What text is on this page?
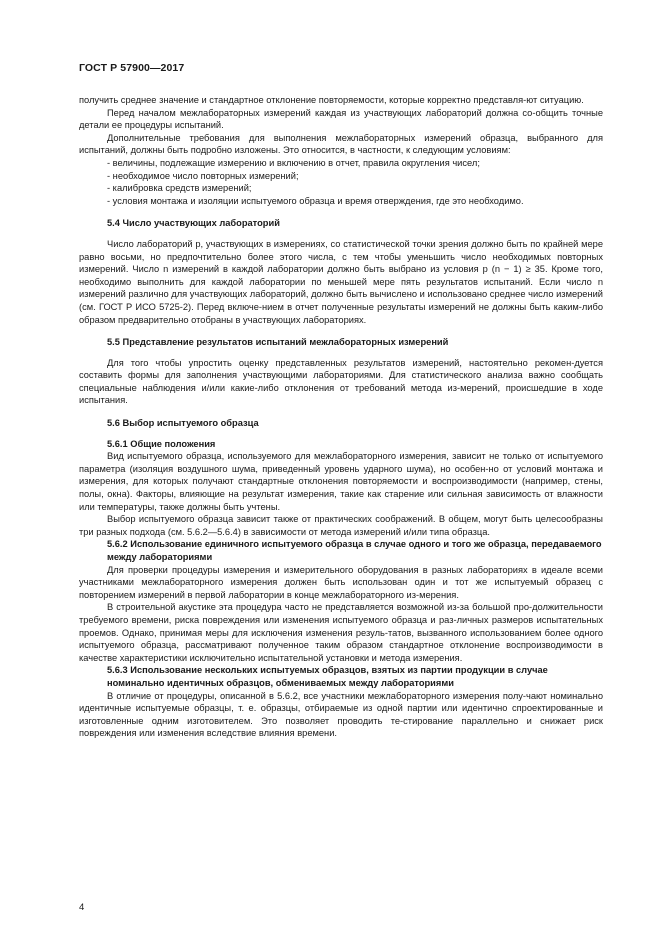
ГОСТ Р 57900—2017

получить среднее значение и стандартное отклонение повторяемости, которые корректно представля-ют ситуацию.

Перед началом межлабораторных измерений каждая из участвующих лабораторий должна со-общить точные детали ее процедуры испытаний.

Дополнительные требования для выполнения межлабораторных измерений образца, выбранного для испытаний, должны быть подробно изложены. Это относится, в частности, к следующим условиям:

- величины, подлежащие измерению и включению в отчет, правила округления чисел;

- необходимое число повторных измерений;

- калибровка средств измерений;

- условия монтажа и изоляции испытуемого образца и время отверждения, где это необходимо.

5.4 Число участвующих лабораторий

Число лабораторий p, участвующих в измерениях, со статистической точки зрения должно быть по крайней мере равно восьми, но предпочтительно более этого числа, с тем чтобы уменьшить число необходимых повторных измерений. Число n измерений в каждой лаборатории должно быть выбрано из условия p (n − 1) ≥ 35. Кроме того, необходимо выполнить для каждой лаборатории по меньшей мере пять результатов испытаний. Если число n измерений различно для участвующих лабораторий, должно быть вычислено и использовано среднее число измерений (см. ГОСТ Р ИСО 5725-2). Перед включе-нием в отчет полученные результаты измерений не должны быть каким-либо образом предварительно отобраны в участвующих лабораториях.

5.5 Представление результатов испытаний межлабораторных измерений

Для того чтобы упростить оценку представленных результатов измерений, настоятельно рекомен-дуется составить формы для заполнения участвующими лабораториями. Для статистического анализа важно сообщать специальные наблюдения и/или какие-либо отклонения от требований метода из-мерений, происшедшие в ходе испытания.

5.6 Выбор испытуемого образца

5.6.1 Общие положения

Вид испытуемого образца, используемого для межлабораторного измерения, зависит не только от испытуемого параметра (изоляция воздушного шума, приведенный уровень ударного шума), но особен-но от условий монтажа и измерения, для которых получают стандартные отклонения повторяемости и воспроизводимости (например, стены, полы, окна). Факторы, влияющие на результат измерения, такие как старение или сильная зависимость от влажности или температуры, также должны быть учтены.

Выбор испытуемого образца зависит также от практических соображений. В общем, могут быть целесообразны три разных подхода (см. 5.6.2—5.6.4) в зависимости от метода измерений и/или типа образца.

5.6.2 Использование единичного испытуемого образца в случае одного и того же образца, передаваемого между лабораториями

Для проверки процедуры измерения и измерительного оборудования в разных лабораториях в идеале всеми участниками межлабораторного измерения должен быть использован один и тот же испытуемый образец с повторением измерений в первой лаборатории в конце межлабораторного из-мерения.

В строительной акустике эта процедура часто не представляется возможной из-за большой про-должительности требуемого времени, риска повреждения или изменения испытуемого образца и раз-личных размеров испытательных проемов. Однако, принимая меры для исключения изменения резуль-татов, вызванного использованием более одного испытуемого образца, рассматривают полученное таким образом стандартное отклонение воспроизводимости в качестве характеристики исключительно испытательной установки и метода измерения.

5.6.3 Использование нескольких испытуемых образцов, взятых из партии продукции в случае номинально идентичных образцов, обмениваемых между лабораториями

В отличие от процедуры, описанной в 5.6.2, все участники межлабораторного измерения полу-чают номинально идентичные испытуемые образцы, т. е. образцы, отбираемые из одной партии или идентично спроектированные и изготовленные одним изготовителем. Это позволяет проводить те-стирование параллельно и снижает риск повреждения или изменения вследствие влияния времени.

4
